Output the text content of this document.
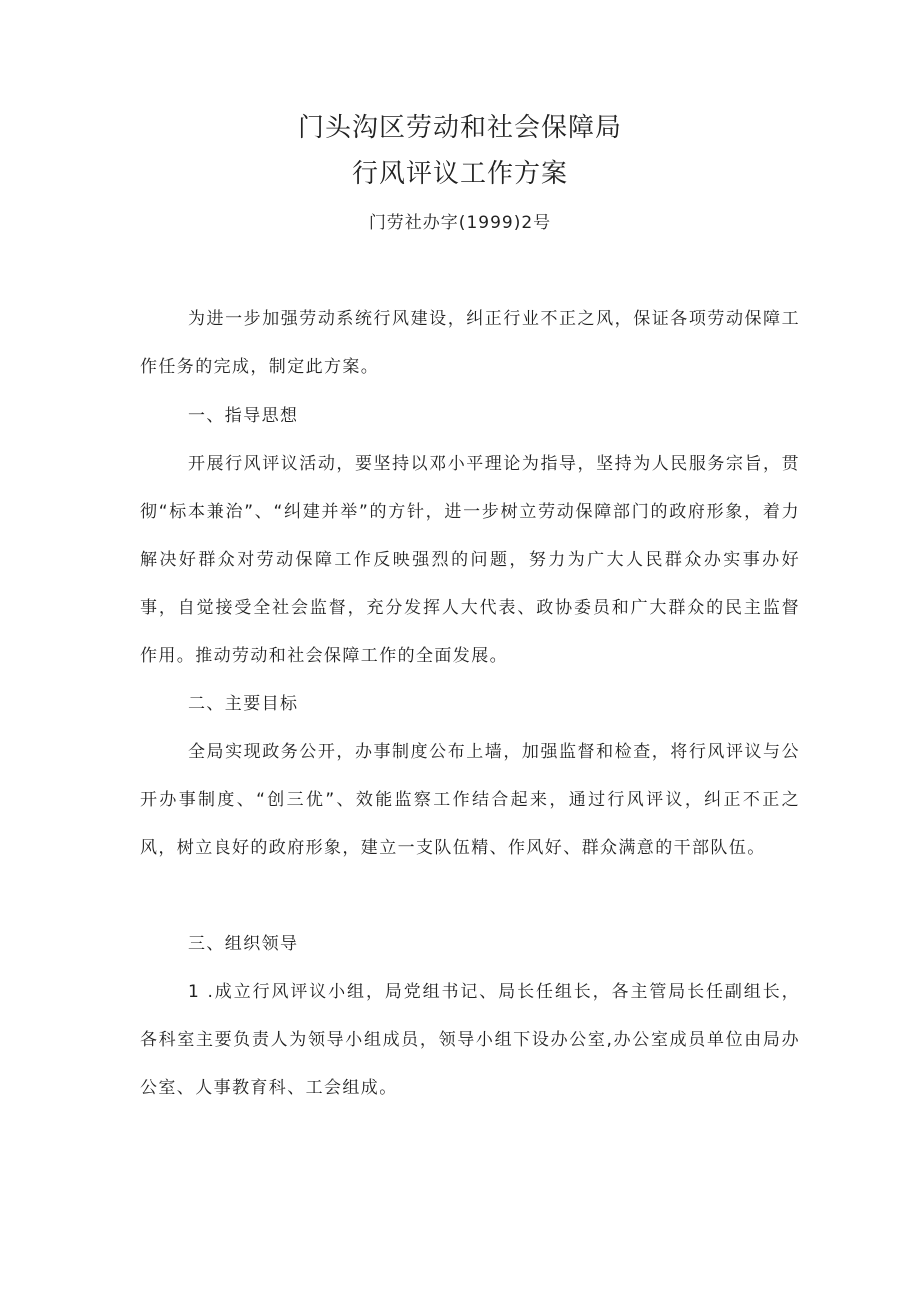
门头沟区劳动和社会保障局
行风评议工作方案
门劳社办字(1999)2号

为进一步加强劳动系统行风建设，纠正行业不正之风，保证各项劳动保障工作任务的完成，制定此方案。

一、指导思想

开展行风评议活动，要坚持以邓小平理论为指导，坚持为人民服务宗旨，贯彻“标本兼治”、“纠建并举”的方针，进一步树立劳动保障部门的政府形象，着力解决好群众对劳动保障工作反映强烈的问题，努力为广大人民群众办实事办好事，自觉接受全社会监督，充分发挥人大代表、政协委员和广大群众的民主监督作用。推动劳动和社会保障工作的全面发展。

二、主要目标

全局实现政务公开，办事制度公布上墙，加强监督和检查，将行风评议与公开办事制度、“创三优”、效能监察工作结合起来，通过行风评议，纠正不正之风，树立良好的政府形象，建立一支队伍精、作风好、群众满意的干部队伍。

三、组织领导

1 .成立行风评议小组，局党组书记、局长任组长，各主管局长任副组长，各科室主要负责人为领导小组成员，领导小组下设办公室,办公室成员单位由局办公室、人事教育科、工会组成。
